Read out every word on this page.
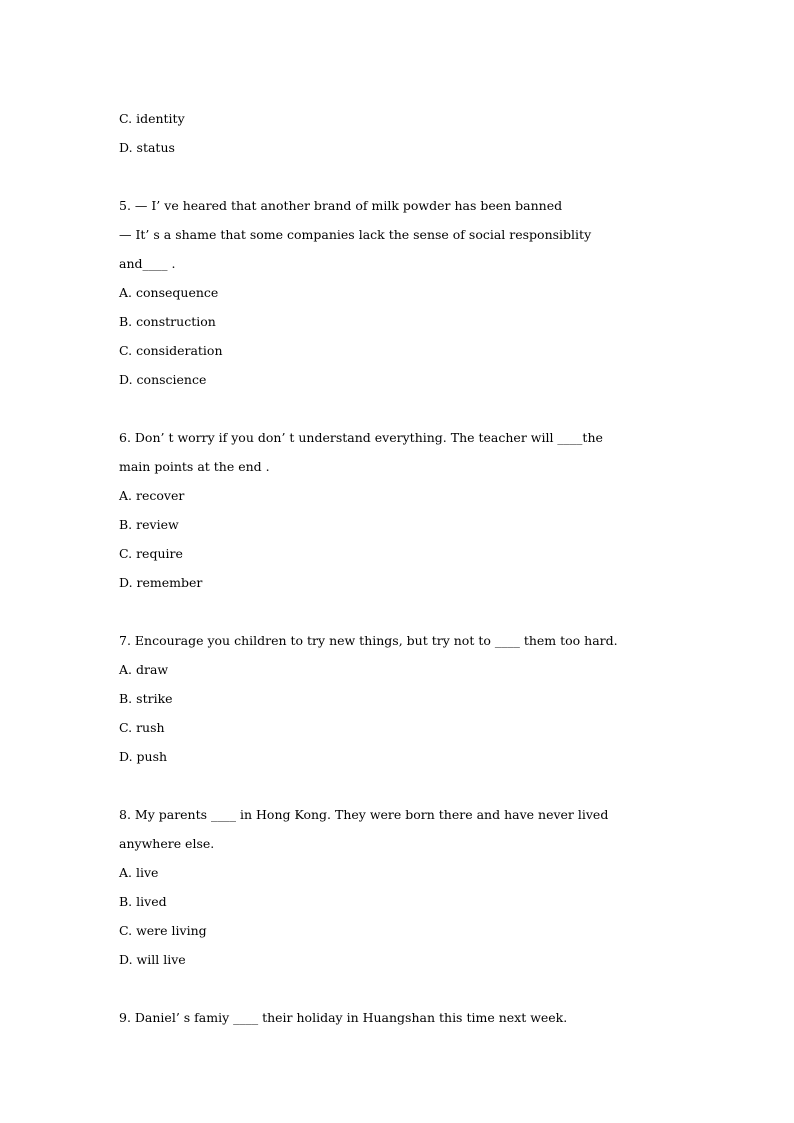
C. identity
D. status
5. — I’ ve heared that another brand of milk powder has been banned
— It’ s a shame that some companies lack the sense of social responsiblity
and____ .
A. consequence
B. construction
C. consideration
D. conscience
6. Don’ t worry if you don’ t understand everything. The teacher will ____the
main points at the end .
A. recover
B. review
C. require
D. remember
7. Encourage you children to try new things, but try not to ____ them too hard.
A. draw
B. strike
C. rush
D. push
8. My parents ____ in Hong Kong. They were born there and have never lived
anywhere else.
A. live
B. lived
C. were living
D. will live
9. Daniel’ s famiy ____ their holiday in Huangshan this time next week.
